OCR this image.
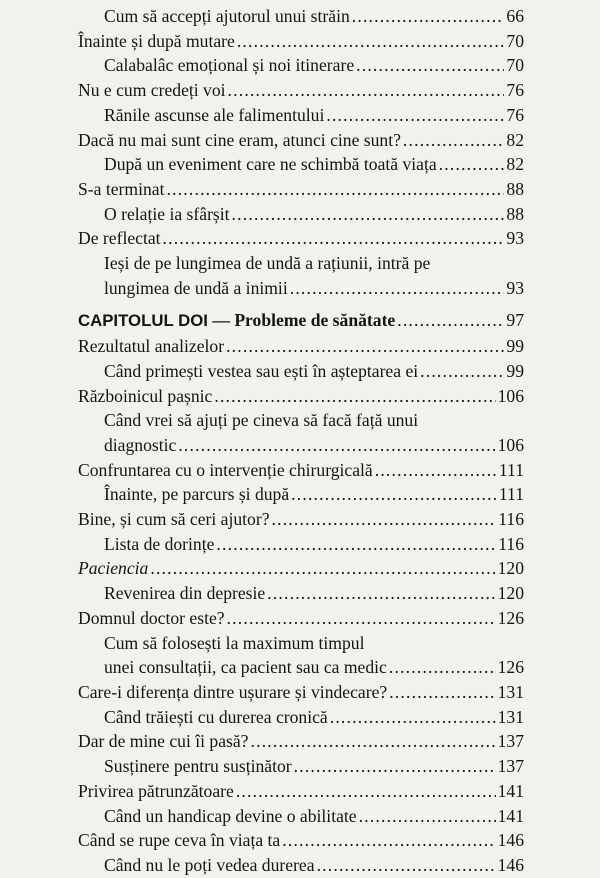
Cum să accepți ajutorul unui străin .....	66
Înainte și după mutare .....	70
Calabalâc emoțional și noi itinerare .....	70
Nu e cum credeți voi .....	76
Rănile ascunse ale falimentului .....	76
Dacă nu mai sunt cine eram, atunci cine sunt? .....	82
După un eveniment care ne schimbă toată viața .....	82
S-a terminat .....	88
O relație ia sfârșit .....	88
De reflectat .....	93
Ieși de pe lungimea de undă a rațiunii, intră pe
lungimea de undă a inimii .....	93
CAPITOLUL DOI — Probleme de sănătate .....	97
Rezultatul analizelor .....	99
Când primești vestea sau ești în așteptarea ei .....	99
Războinicul pașnic .....	106
Când vrei să ajuți pe cineva să facă față unui
diagnostic .....	106
Confruntarea cu o intervenție chirurgicală .....	111
Înainte, pe parcurs și după .....	111
Bine, și cum să ceri ajutor? .....	116
Lista de dorințe .....	116
Paciencia .....	120
Revenirea din depresie .....	120
Domnul doctor este? .....	126
Cum să folosești la maximum timpul
unei consultații, ca pacient sau ca medic .....	126
Care-i diferența dintre ușurare și vindecare? .....	131
Când trăiești cu durerea cronică .....	131
Dar de mine cui îi pasă? .....	137
Susținere pentru susținător .....	137
Privirea pătrunzătoare .....	141
Când un handicap devine o abilitate .....	141
Când se rupe ceva în viața ta .....	146
Când nu le poți vedea durerea .....	146
